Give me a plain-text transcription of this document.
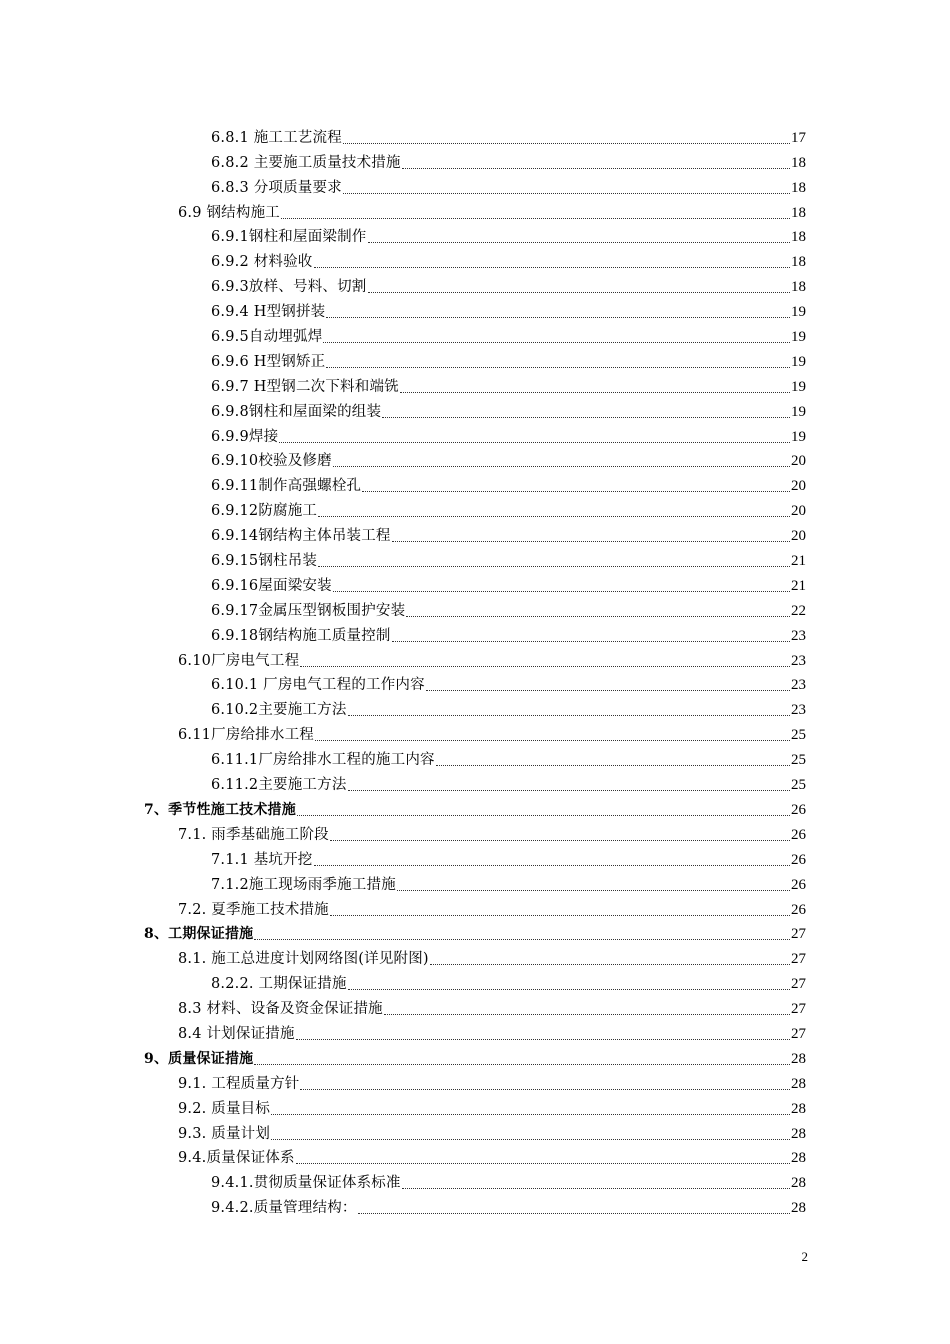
6.8.1 施工工艺流程	17
6.8.2 主要施工质量技术措施	18
6.8.3 分项质量要求	18
6.9 钢结构施工	18
6.9.1钢柱和屋面梁制作	18
6.9.2 材料验收	18
6.9.3放样、号料、切割	18
6.9.4 H型钢拼装	19
6.9.5自动埋弧焊	19
6.9.6 H型钢矫正	19
6.9.7 H型钢二次下料和端铣	19
6.9.8钢柱和屋面梁的组装	19
6.9.9焊接	19
6.9.10校验及修磨	20
6.9.11制作高强螺栓孔	20
6.9.12防腐施工	20
6.9.14钢结构主体吊装工程	20
6.9.15钢柱吊装	21
6.9.16屋面梁安装	21
6.9.17金属压型钢板围护安装	22
6.9.18钢结构施工质量控制	23
6.10厂房电气工程	23
6.10.1 厂房电气工程的工作内容	23
6.10.2主要施工方法	23
6.11厂房给排水工程	25
6.11.1厂房给排水工程的施工内容	25
6.11.2主要施工方法	25
7、季节性施工技术措施	26
7.1. 雨季基础施工阶段	26
7.1.1 基坑开挖	26
7.1.2施工现场雨季施工措施	26
7.2. 夏季施工技术措施	26
8、工期保证措施	27
8.1. 施工总进度计划网络图(详见附图)	27
8.2.2. 工期保证措施	27
8.3 材料、设备及资金保证措施	27
8.4 计划保证措施	27
9、质量保证措施	28
9.1. 工程质量方针	28
9.2. 质量目标	28
9.3. 质量计划	28
9.4.质量保证体系	28
9.4.1.贯彻质量保证体系标准	28
9.4.2.质量管理结构：	28
2
